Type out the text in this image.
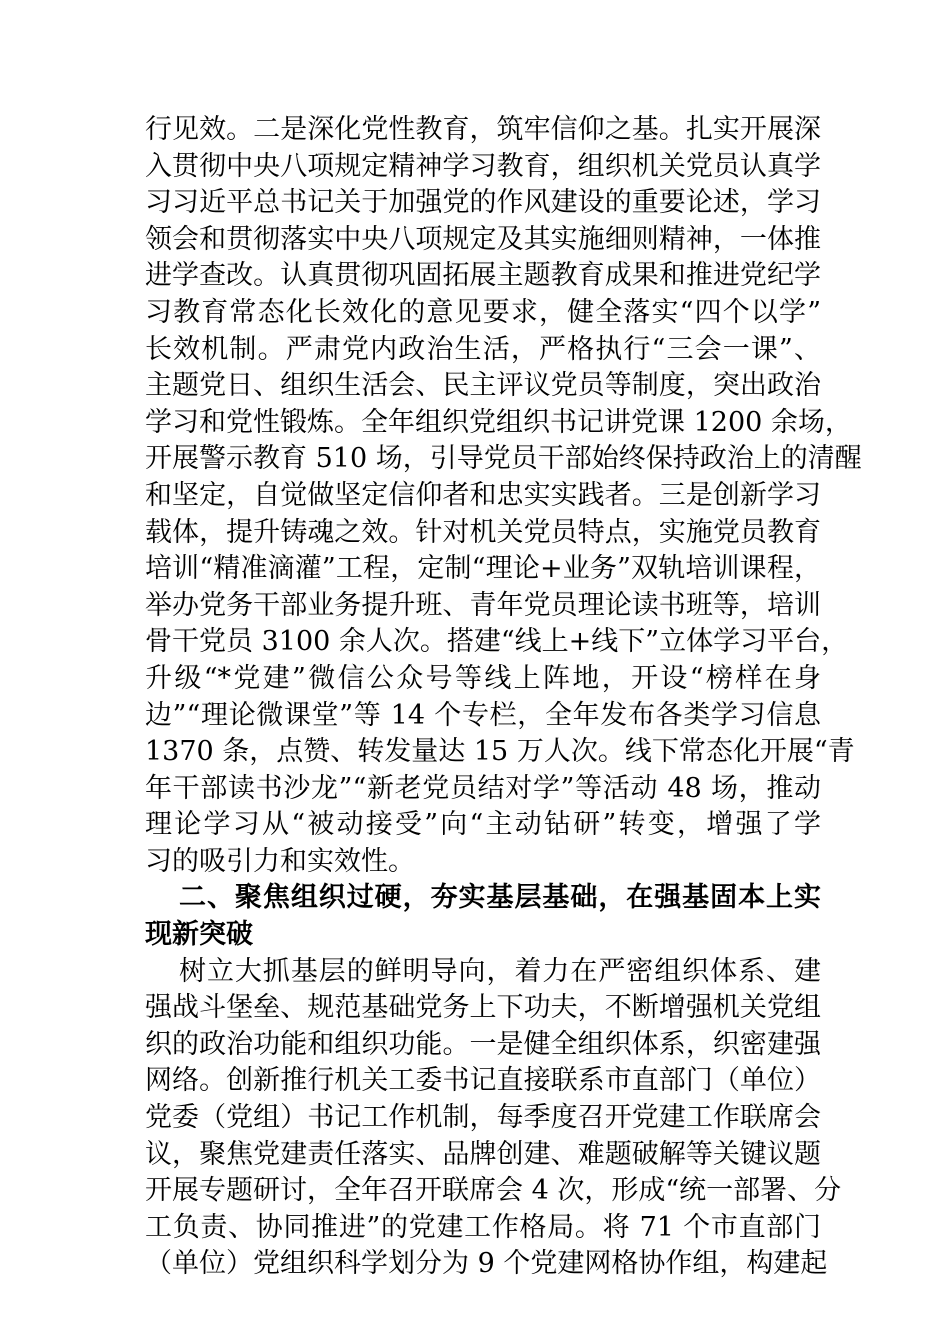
行见效。二是深化党性教育，筑牢信仰之基。扎实开展深
入贯彻中央八项规定精神学习教育，组织机关党员认真学
习习近平总书记关于加强党的作风建设的重要论述，学习
领会和贯彻落实中央八项规定及其实施细则精神，一体推
进学查改。认真贯彻巩固拓展主题教育成果和推进党纪学
习教育常态化长效化的意见要求，健全落实“四个以学”
长效机制。严肃党内政治生活，严格执行“三会一课”、
主题党日、组织生活会、民主评议党员等制度，突出政治
学习和党性锻炼。全年组织党组织书记讲党课 1200 余场，
开展警示教育 510 场，引导党员干部始终保持政治上的清醒
和坚定，自觉做坚定信仰者和忠实实践者。三是创新学习
载体，提升铸魂之效。针对机关党员特点，实施党员教育
培训“精准滴灌”工程，定制“理论+业务”双轨培训课程，
举办党务干部业务提升班、青年党员理论读书班等，培训
骨干党员 3100 余人次。搭建“线上+线下”立体学习平台，
升级“*党建”微信公众号等线上阵地，开设“榜样在身
边”“理论微课堂”等 14 个专栏，全年发布各类学习信息
1370 条，点赞、转发量达 15 万人次。线下常态化开展“青
年干部读书沙龙”“新老党员结对学”等活动 48 场，推动
理论学习从“被动接受”向“主动钻研”转变，增强了学
习的吸引力和实效性。
二、聚焦组织过硬，夯实基层基础，在强基固本上实
现新突破
树立大抓基层的鲜明导向，着力在严密组织体系、建
强战斗堡垒、规范基础党务上下功夫，不断增强机关党组
织的政治功能和组织功能。一是健全组织体系，织密建强
网络。创新推行机关工委书记直接联系市直部门（单位）
党委（党组）书记工作机制，每季度召开党建工作联席会
议，聚焦党建责任落实、品牌创建、难题破解等关键议题
开展专题研讨，全年召开联席会 4 次，形成“统一部署、分
工负责、协同推进”的党建工作格局。将 71 个市直部门
（单位）党组织科学划分为 9 个党建网格协作组，构建起
